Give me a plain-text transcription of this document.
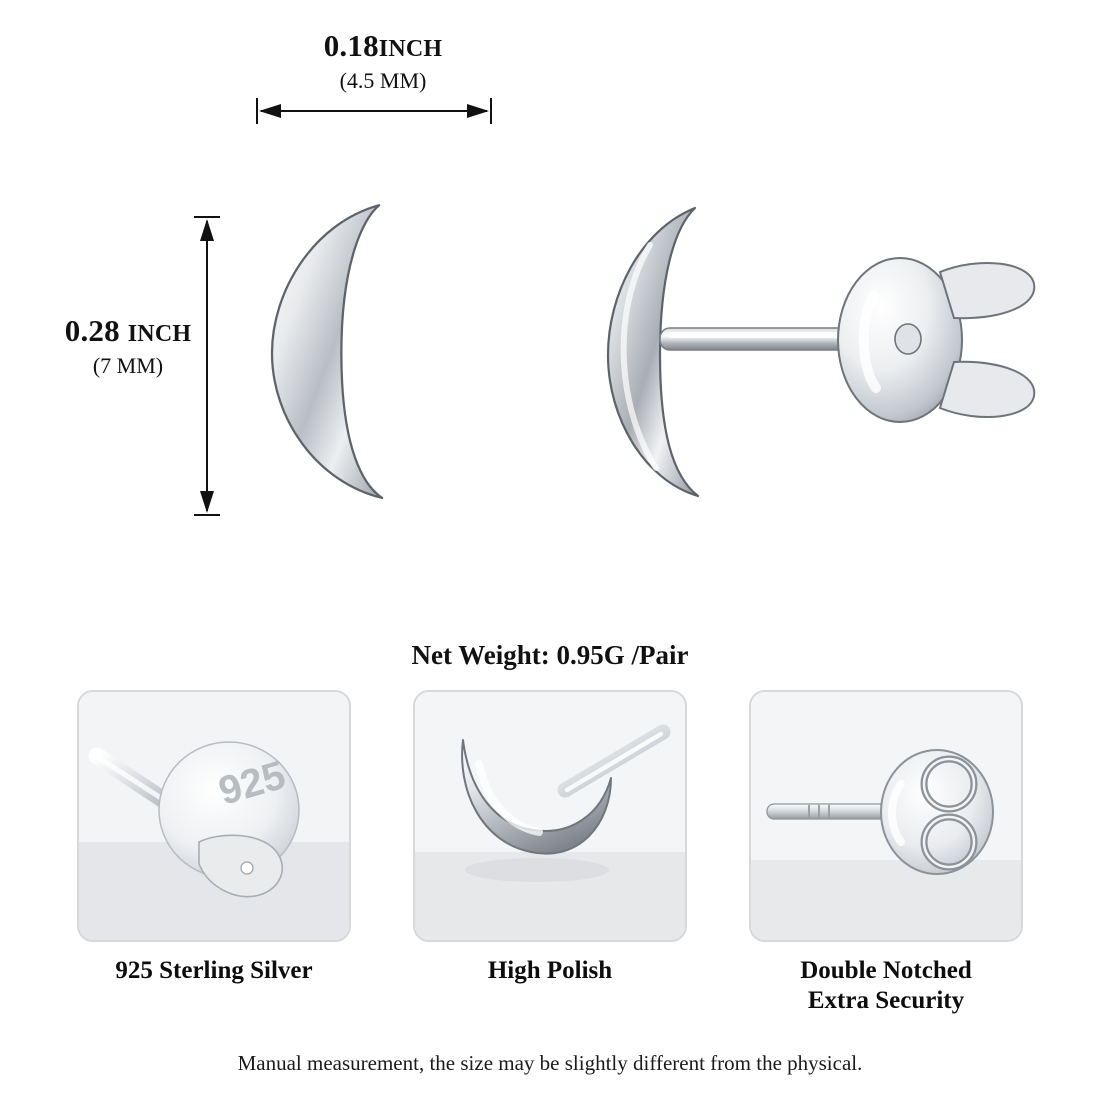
0.18INCH
(4.5 MM)
0.28 INCH
(7 MM)
Net Weight: 0.95G /Pair
925
925 Sterling Silver	High Polish	Double Notched
Extra Security
Manual measurement, the size may be slightly different from the physical.
